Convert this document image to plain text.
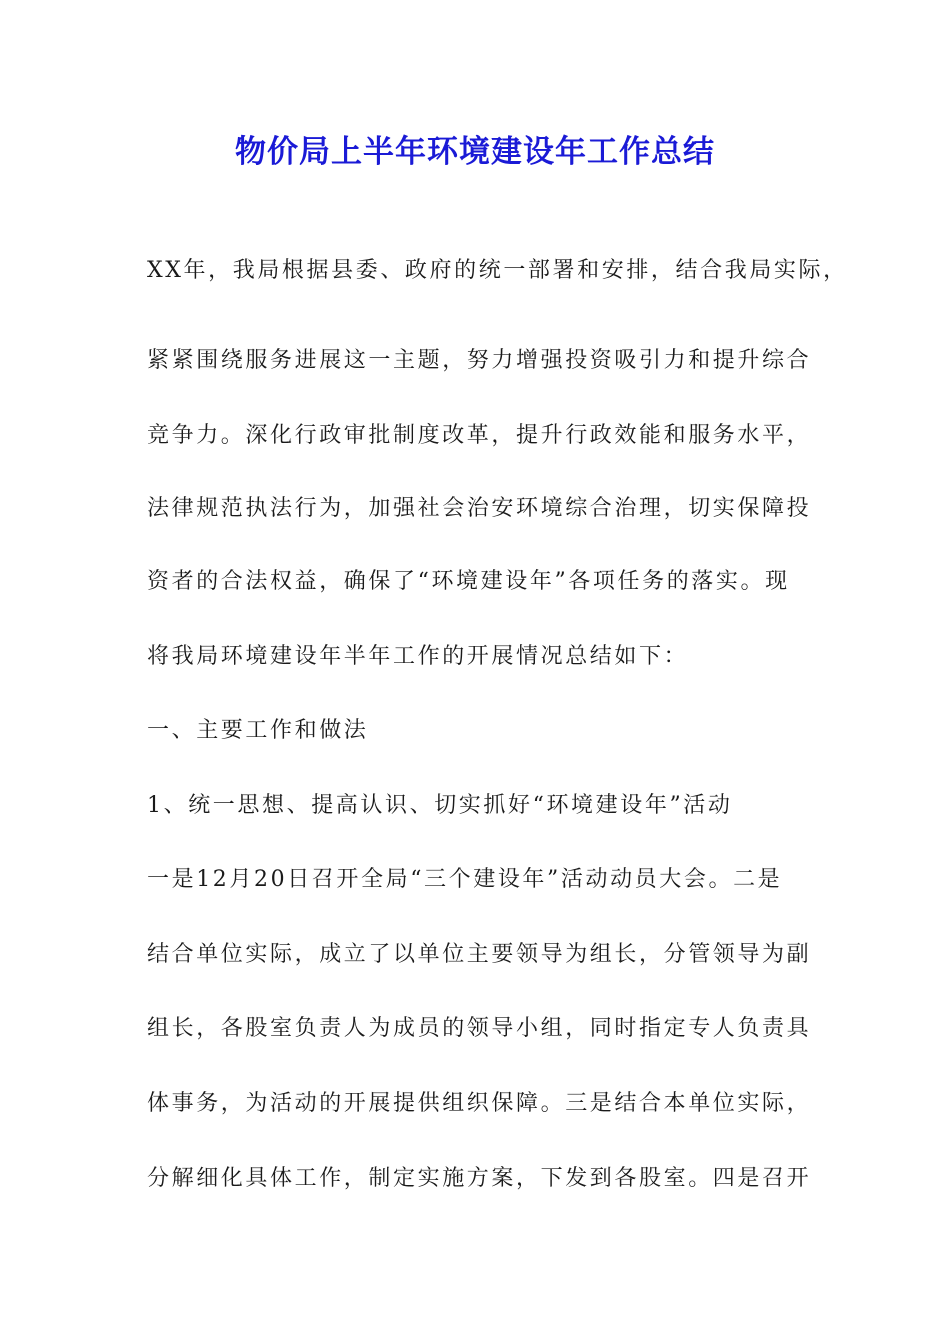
物价局上半年环境建设年工作总结

XX年，我局根据县委、政府的统一部署和安排，结合我局实际，

紧紧围绕服务进展这一主题，努力增强投资吸引力和提升综合

竞争力。深化行政审批制度改革，提升行政效能和服务水平，

法律规范执法行为，加强社会治安环境综合治理，切实保障投

资者的合法权益，确保了“环境建设年”各项任务的落实。现

将我局环境建设年半年工作的开展情况总结如下：

一、主要工作和做法

1、统一思想、提高认识、切实抓好“环境建设年”活动

一是12月20日召开全局“三个建设年”活动动员大会。二是

结合单位实际，成立了以单位主要领导为组长，分管领导为副

组长，各股室负责人为成员的领导小组，同时指定专人负责具

体事务，为活动的开展提供组织保障。三是结合本单位实际，

分解细化具体工作，制定实施方案，下发到各股室。四是召开
